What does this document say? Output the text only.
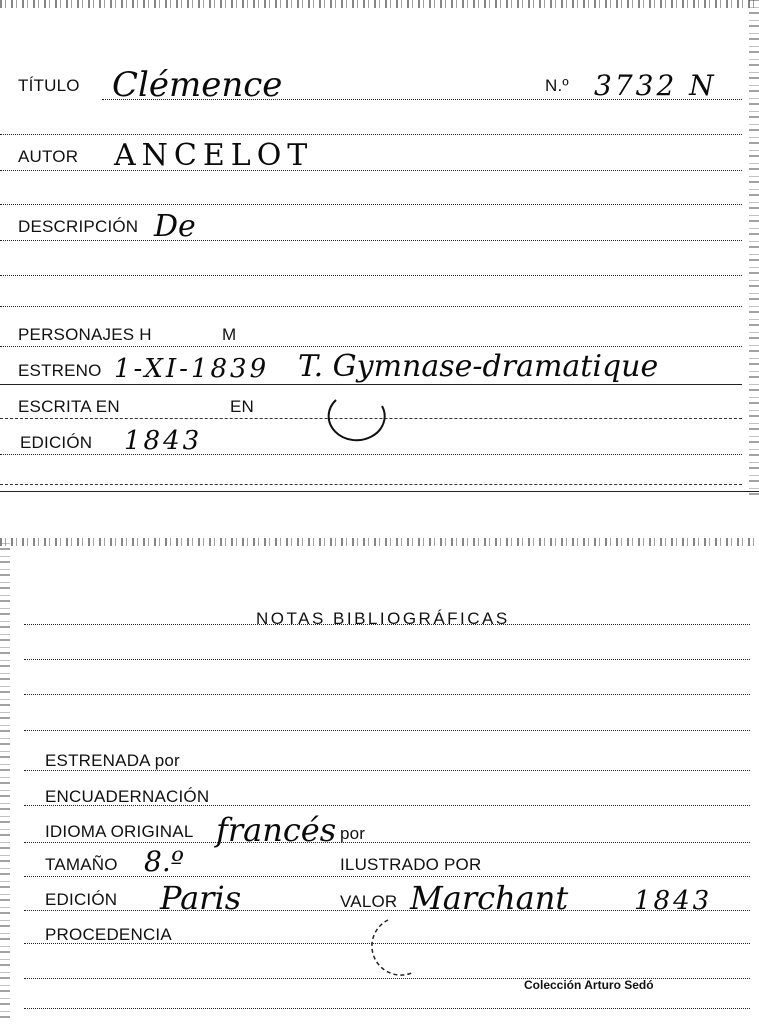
TÍTULO Clémence	N.º 3732 N
AUTOR ANCELOT
DESCRIPCIÓN De
PERSONAJES H	M
ESTRENO 1-XI-1839 T. Gymnase-dramatique
ESCRITA EN	EN
EDICIÓN 1843
NOTAS BIBLIOGRÁFICAS
ESTRENADA por
ENCUADERNACIÓN
IDIOMA ORIGINAL francés por
TAMAÑO 8.º	ILUSTRADO POR
EDICIÓN Paris	VALOR Marchant	1843
PROCEDENCIA
Colección Arturo Sedó
